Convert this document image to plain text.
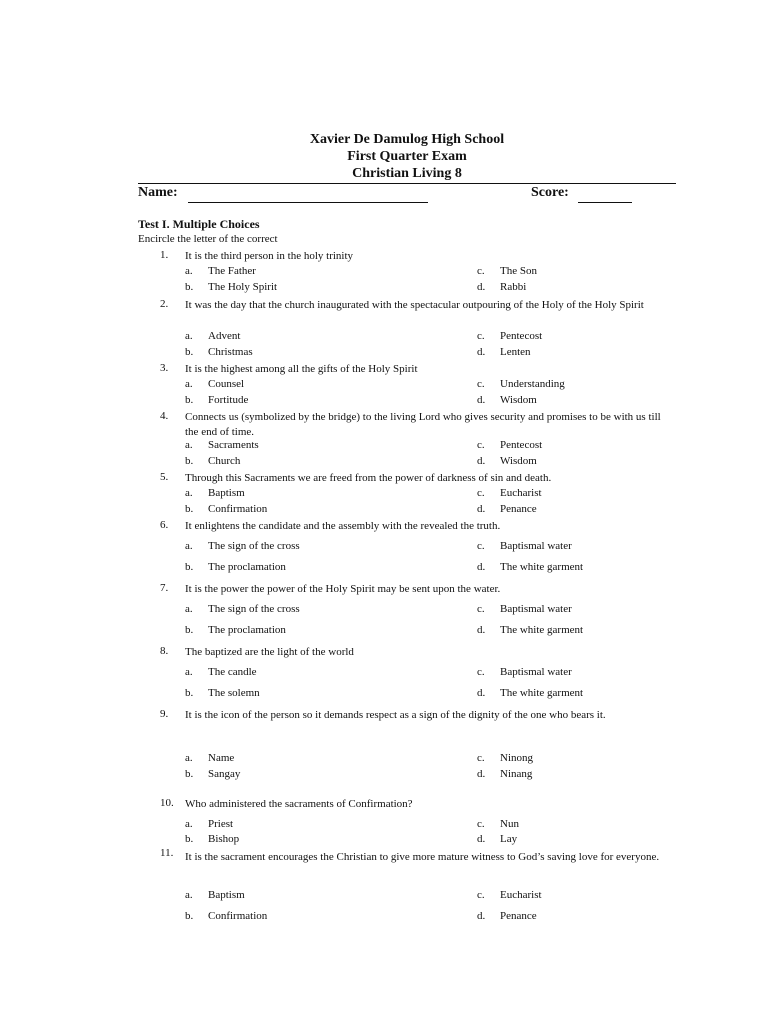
Xavier De Damulog High School
First Quarter Exam
Christian Living 8
Name:	Score:
Test I. Multiple Choices
Encircle the letter of the correct
1.	It is the third person in the holy trinity
a. The Father	c. The Son
b. The Holy Spirit	d. Rabbi
2.	It was the day that the church inaugurated with the spectacular outpouring of the Holy of the Holy Spirit
a. Advent	c. Pentecost
b. Christmas	d. Lenten
3.	It is the highest among all the gifts of the Holy Spirit
a. Counsel	c. Understanding
b. Fortitude	d. Wisdom
4.	Connects us (symbolized by the bridge) to the living Lord who gives security and promises to be with us till the end of time.
a. Sacraments	c. Pentecost
b. Church	d. Wisdom
5.	Through this Sacraments we are freed from the power of darkness of sin and death.
a. Baptism	c. Eucharist
b. Confirmation	d. Penance
6.	It enlightens the candidate and the assembly with the revealed the truth.
a. The sign of the cross	c. Baptismal water
b. The proclamation	d. The white garment
7.	It is the power the power of the Holy Spirit may be sent upon the water.
a. The sign of the cross	c. Baptismal water
b. The proclamation	d. The white garment
8.	The baptized are the light of the world
a. The candle	c. Baptismal water
b. The solemn	d. The white garment
9.	It is the icon of the person so it demands respect as a sign of the dignity of the one who bears it.
a. Name	c. Ninong
b. Sangay	d. Ninang
10.	Who administered the sacraments of Confirmation?
a. Priest	c. Nun
b. Bishop	d. Lay
11.	It is the sacrament encourages the Christian to give more mature witness to God’s saving love for everyone.
a. Baptism	c. Eucharist
b. Confirmation	d. Penance
